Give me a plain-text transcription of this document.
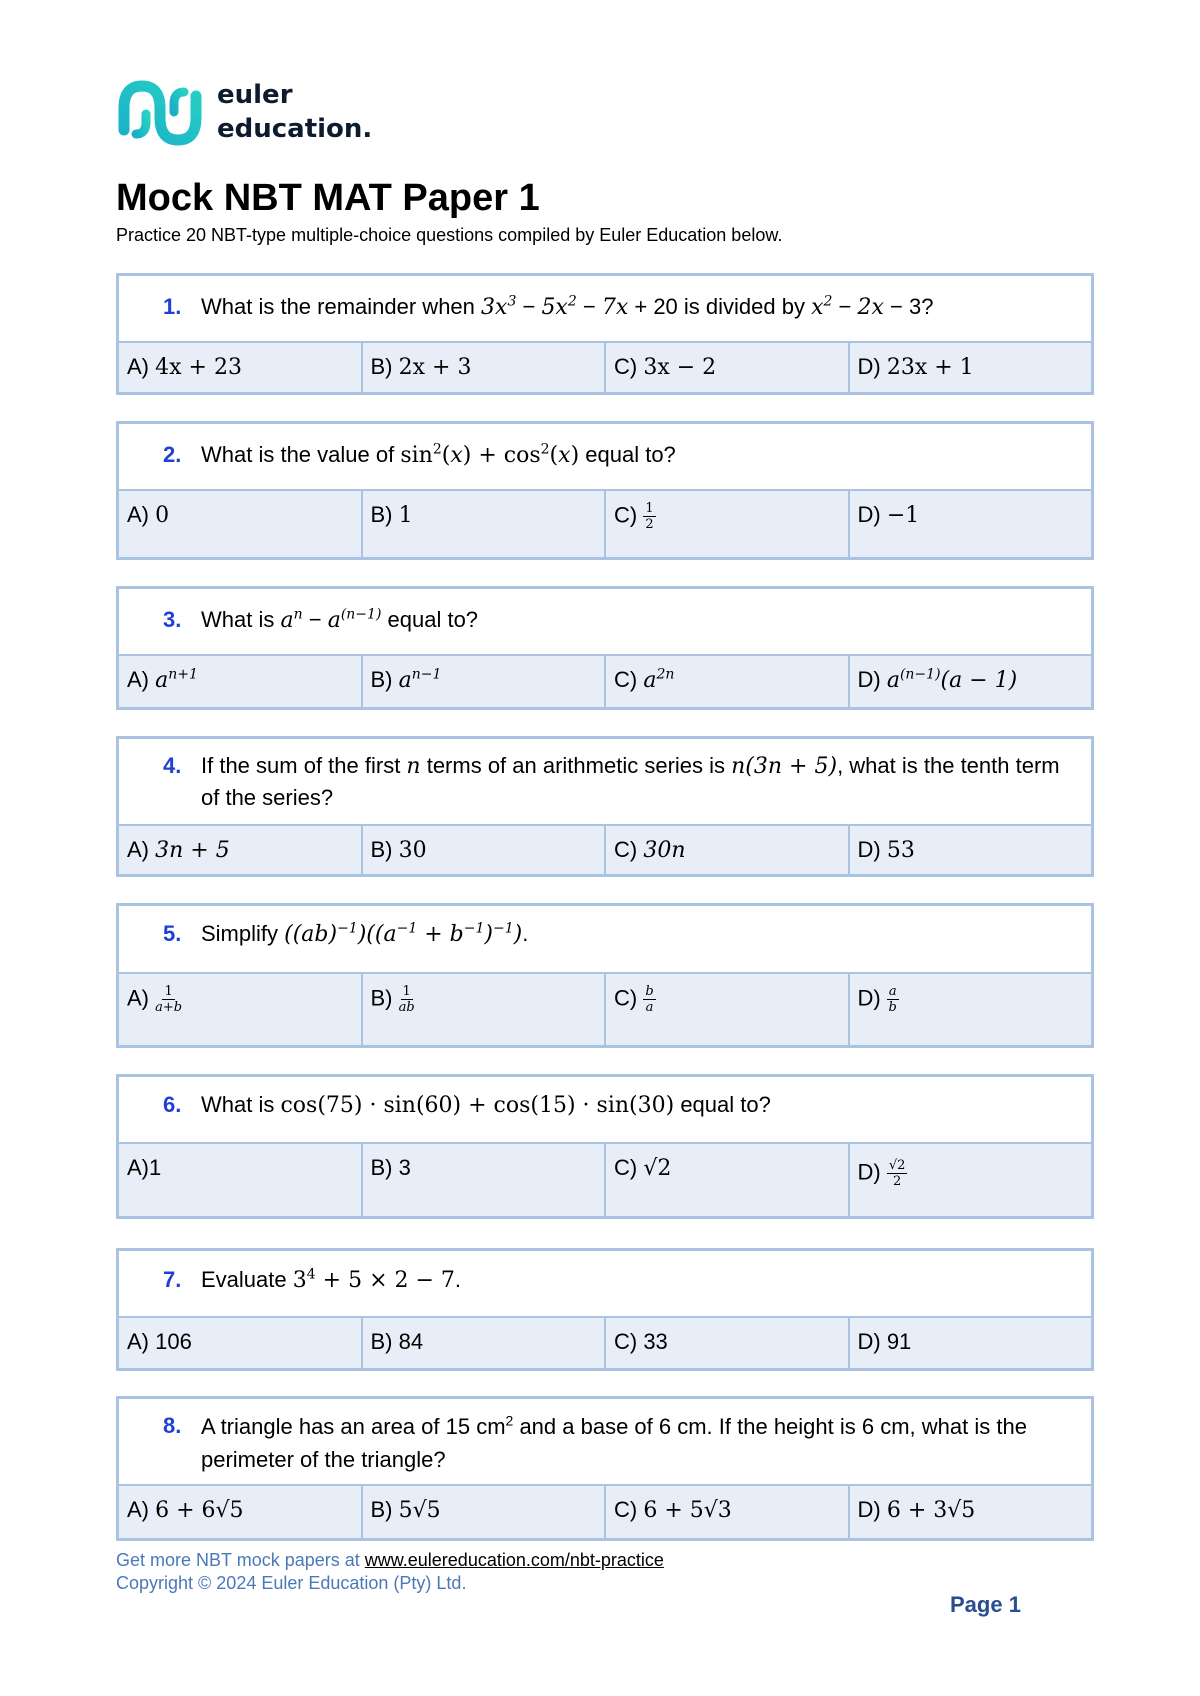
euler
education.
Mock NBT MAT Paper 1
Practice 20 NBT-type multiple-choice questions compiled by Euler Education below.
1. What is the remainder when $3x^3 - 5x^2 - 7x + 20$ is divided by $x^2 - 2x - 3$?
A) 4x + 23	B) 2x + 3	C) 3x − 2	D) 23x + 1
2. What is the value of $\sin^2(x) + \cos^2(x)$ equal to?
A) 0	B) 1	$C) \frac{1}{2}$	D) −1
3. What is $a^n - a^{(n-1)}$ equal to?
A) $a^{n+1}$	B) $a^{n-1}$	C) $a^{2n}$	D) $a^{(n-1)}(a - 1)$
4. If the sum of the first n terms of an arithmetic series is n(3n + 5), what is the tenth term of the series?
A) 3n + 5	B) 30	C) 30n	D) 53
5. Simplify $((ab)^{-1})((a^{-1} + b^{-1})^{-1})$.
$A) \frac{1}{a+b}$	$B) \frac{1}{ab}$	$C) \frac{b}{a}$	$D) \frac{a}{b}$
6. What is cos(75) · sin(60) + cos(15) · sin(30) equal to?
A)1	B) 3	C) √2	$D) \frac{√2}{2}$
7. Evaluate $3^4 + 5 \times 2 - 7$.
A) 106	B) 84	C) 33	D) 91
8. A triangle has an area of 15 $cm^2$ and a base of 6 cm. If the height is 6 cm, what is the perimeter of the triangle?
A) 6 + 6√5	B) 5√5	C) 6 + 5√3	D) 6 + 3√5
Get more NBT mock papers at www.eulereducation.com/nbt-practice
Copyright © 2024 Euler Education (Pty) Ltd.
Page 1
